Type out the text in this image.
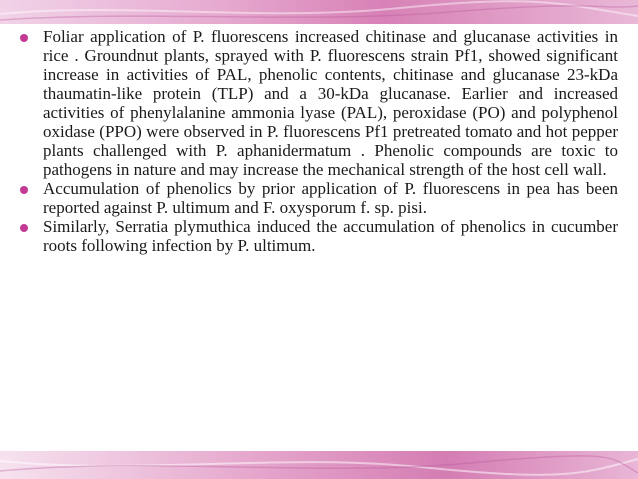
Foliar application of P. fluorescens increased chitinase and glucanase activities in rice . Groundnut plants, sprayed with P. fluorescens strain Pf1, showed significant increase in activities of PAL, phenolic contents, chitinase and glucanase 23-kDa thaumatin-like protein (TLP) and a 30-kDa glucanase. Earlier and increased activities of phenylalanine ammonia lyase (PAL), peroxidase (PO) and polyphenol oxidase (PPO) were observed in P. fluorescens Pf1 pretreated tomato and hot pepper plants challenged with P. aphanidermatum . Phenolic compounds are toxic to pathogens in nature and may increase the mechanical strength of the host cell wall.

Accumulation of phenolics by prior application of P. fluorescens in pea has been reported against P. ultimum and F. oxysporum f. sp. pisi.

Similarly, Serratia plymuthica induced the accumulation of phenolics in cucumber roots following infection by P. ultimum.
